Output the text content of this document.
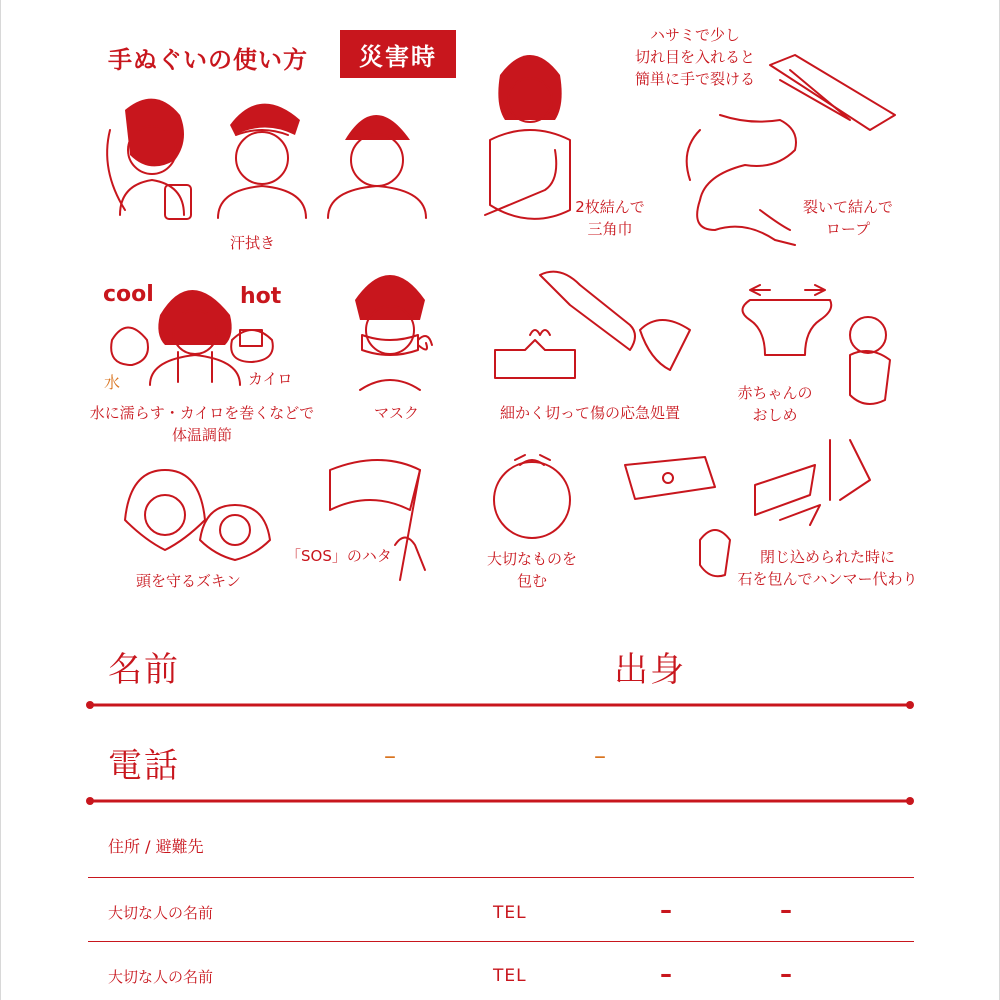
手ぬぐいの使い方	災害時
汗拭き
2枚結んで
三角巾
ハサミで少し
切れ目を入れると
簡単に手で裂ける
裂いて結んで
ロープ
cool	hot
水	カイロ
水に濡らす・カイロを巻くなどで
体温調節
マスク	細かく切って傷の応急処置
赤ちゃんの
おしめ
頭を守るズキン
「SOS」のハタ	大切なものを
包む
閉じ込められた時に
石を包んでハンマー代わり
名前	出身
電話	–	–
住所 / 避難先
大切な人の名前	TEL	–	–
大切な人の名前	TEL	–	–
